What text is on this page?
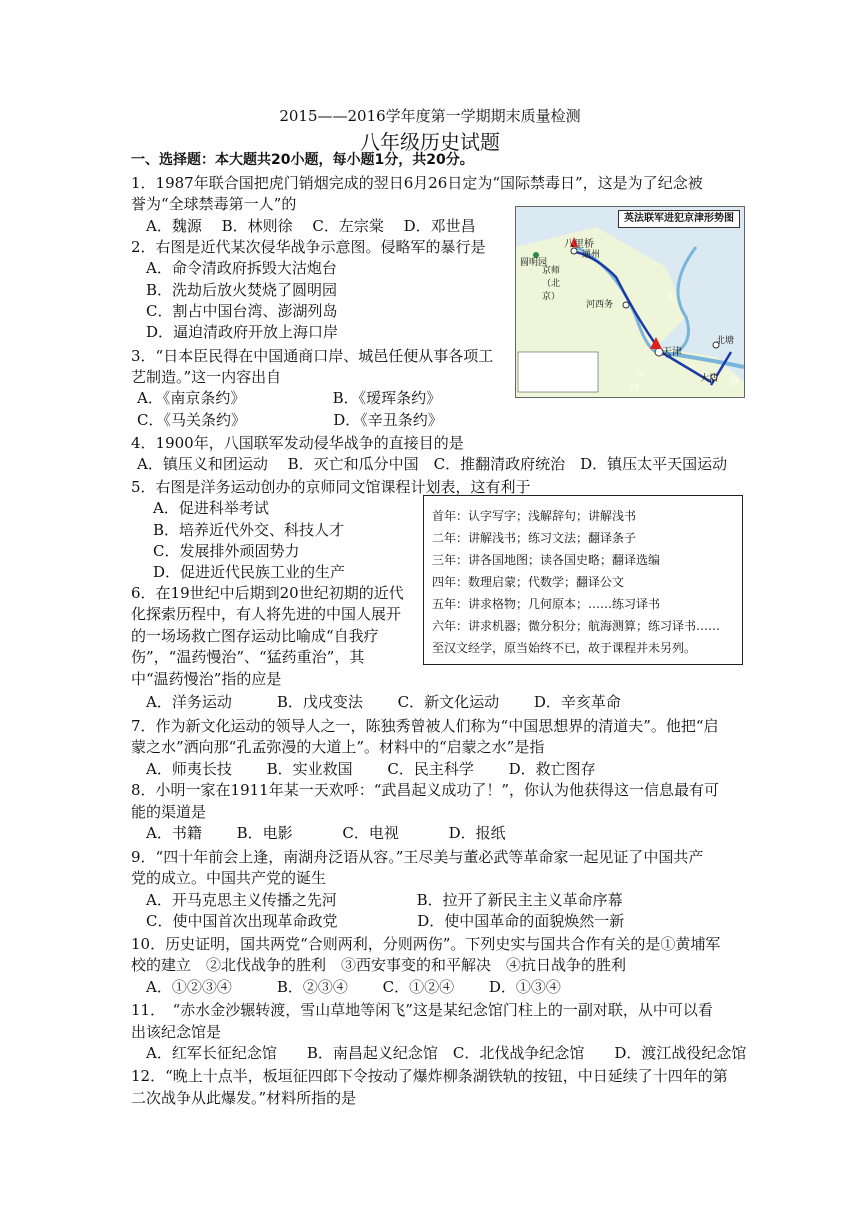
2015——2016学年度第一学期期末质量检测
八年级历史试题
一、选择题：本大题共20小题，每小题1分，共20分。
1．1987年联合国把虎门销烟完成的翌日6月26日定为“国际禁毒日”，这是为了纪念被
誉为“全球禁毒第一人”的
A．魏源　 B．林则徐　 C．左宗棠　 D．邓世昌
2．右图是近代某次侵华战争示意图。侵略军的暴行是
A．命令清政府拆毁大沽炮台
B．洗劫后放火焚烧了圆明园
C．割占中国台湾、澎湖列岛
D．逼迫清政府开放上海口岸
3．“日本臣民得在中国通商口岸、城邑任便从事各项工
艺制造。”这一内容出自
A．《南京条约》　　　　　　 B．《瑷珲条约》
C．《马关条约》　　　　　　 D．《辛丑条约》
4．1900年，八国联军发动侵华战争的直接目的是
A．镇压义和团运动　 B．灭亡和瓜分中国　C．推翻清政府统治　D．镇压太平天国运动
5．右图是洋务运动创办的京师同文馆课程计划表，这有利于
A．促进科举考试
B．培养近代外交、科技人才
C．发展排外顽固势力
D．促进近代民族工业的生产
6．在19世纪中后期到20世纪初期的近代
化探索历程中，有人将先进的中国人展开
的一场场救亡图存运动比喻成“自我疗
伤”，“温药慢治”、“猛药重治”，其
中“温药慢治”指的应是
A．洋务运动　　　B．戊戌变法　　 C．新文化运动　　 D．辛亥革命
7．作为新文化运动的领导人之一，陈独秀曾被人们称为“中国思想界的清道夫”。他把“启
蒙之水”洒向那“孔孟弥漫的大道上”。材料中的“启蒙之水”是指
A．师夷长技　　 B．实业救国　　 C．民主科学　　 D．救亡图存
8．小明一家在1911年某一天欢呼：“武昌起义成功了！”，你认为他获得这一信息最有可
能的渠道是
A．书籍　　 B．电影　　　 C．电视　　　 D．报纸
9．“四十年前会上逢，南湖舟泛语从容。”王尽美与董必武等革命家一起见证了中国共产
党的成立。中国共产党的诞生
A．开马克思主义传播之先河　　　　　 B．拉开了新民主主义革命序幕
C．使中国首次出现革命政党　　　　　 D．使中国革命的面貌焕然一新
10．历史证明，国共两党“合则两利，分则两伤”。下列史实与国共合作有关的是①黄埔军
校的建立　②北伐战争的胜利　③西安事变的和平解决　④抗日战争的胜利
A．①②③④　　　B．②③④　　 C．①②④　　 D．①③④
11．　“赤水金沙辗转渡，雪山草地等闲飞”这是某纪念馆门柱上的一副对联，从中可以看
出该纪念馆是
A．红军长征纪念馆　　B．南昌起义纪念馆　C．北伐战争纪念馆　　D．渡江战役纪念馆
12．“晚上十点半，板垣征四郎下令按动了爆炸柳条湖铁轨的按钮，中日延续了十四年的第
二次战争从此爆发。”材料所指的是
英法联军进犯京津形势图
圆明园
八里桥
通州
京师（北京）
河西务
天津
北塘
大沽
北
运
河
渤
首年：认字写字；浅解辞句；讲解浅书
二年：讲解浅书；练习文法；翻译条子
三年：讲各国地图；读各国史略；翻译选编
四年：数理启蒙；代数学；翻译公文
五年：讲求格物；几何原本；……练习译书
六年：讲求机器；微分积分；航海测算；练习译书……
至汉文经学，原当始终不已，故于课程并未另列。
